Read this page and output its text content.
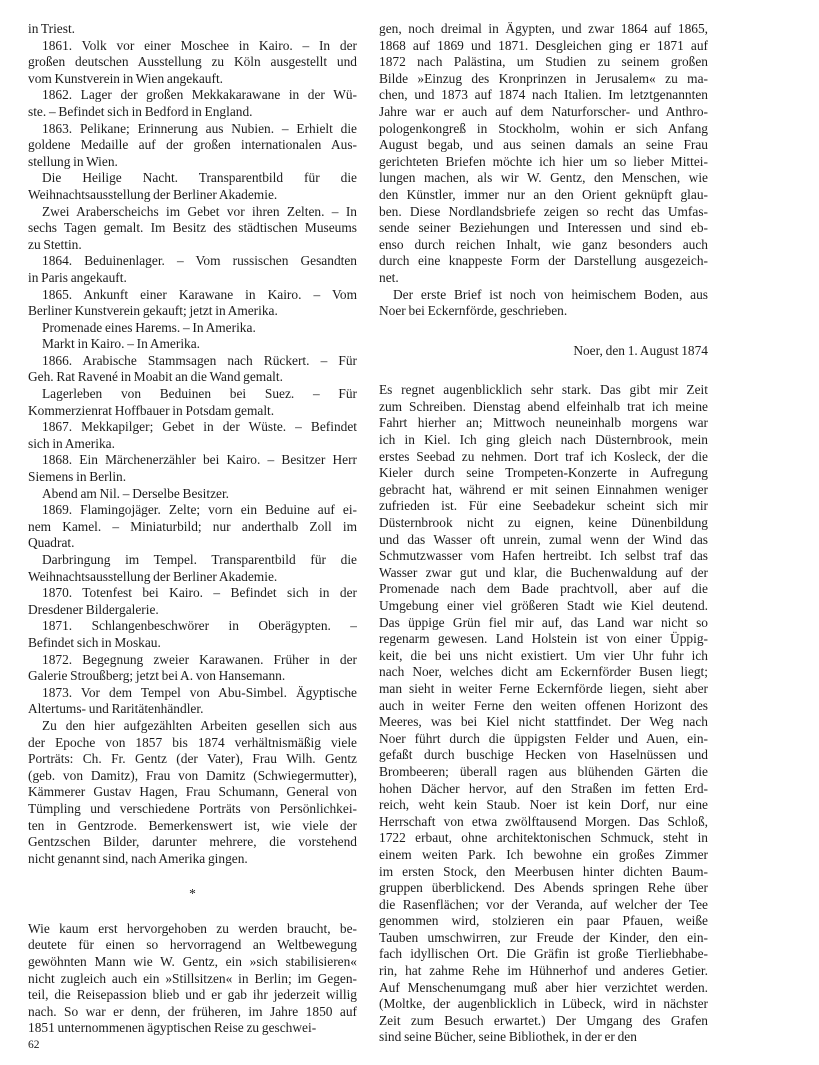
in Triest.

1861. Volk vor einer Moschee in Kairo. – In der
großen deutschen Ausstellung zu Köln ausgestellt und
vom Kunstverein in Wien angekauft.

1862. Lager der großen Mekkakarawane in der Wü-
ste. – Befindet sich in Bedford in England.

1863. Pelikane; Erinnerung aus Nubien. – Erhielt die
goldene Medaille auf der großen internationalen Aus-
stellung in Wien.

Die Heilige Nacht. Transparentbild für die
Weihnachtsausstellung der Berliner Akademie.

Zwei Araberscheichs im Gebet vor ihren Zelten. – In
sechs Tagen gemalt. Im Besitz des städtischen Museums
zu Stettin.

1864. Beduinenlager. – Vom russischen Gesandten
in Paris angekauft.

1865. Ankunft einer Karawane in Kairo. – Vom
Berliner Kunstverein gekauft; jetzt in Amerika.

Promenade eines Harems. – In Amerika.

Markt in Kairo. – In Amerika.

1866. Arabische Stammsagen nach Rückert. – Für
Geh. Rat Ravené in Moabit an die Wand gemalt.

Lagerleben von Beduinen bei Suez. – Für
Kommerzienrat Hoffbauer in Potsdam gemalt.

1867. Mekkapilger; Gebet in der Wüste. – Befindet
sich in Amerika.

1868. Ein Märchenerzähler bei Kairo. – Besitzer Herr
Siemens in Berlin.

Abend am Nil. – Derselbe Besitzer.

1869. Flamingojäger. Zelte; vorn ein Beduine auf ei-
nem Kamel. – Miniaturbild; nur anderthalb Zoll im
Quadrat.

Darbringung im Tempel. Transparentbild für die
Weihnachtsausstellung der Berliner Akademie.

1870. Totenfest bei Kairo. – Befindet sich in der
Dresdener Bildergalerie.

1871. Schlangenbeschwörer in Oberägypten. –
Befindet sich in Moskau.

1872. Begegnung zweier Karawanen. Früher in der
Galerie Stroußberg; jetzt bei A. von Hansemann.

1873. Vor dem Tempel von Abu-Simbel. Ägyptische
Altertums- und Raritätenhändler.

Zu den hier aufgezählten Arbeiten gesellen sich aus
der Epoche von 1857 bis 1874 verhältnismäßig viele
Porträts: Ch. Fr. Gentz (der Vater), Frau Wilh. Gentz
(geb. von Damitz), Frau von Damitz (Schwiegermutter),
Kämmerer Gustav Hagen, Frau Schumann, General von
Tümpling und verschiedene Porträts von Persönlichkei-
ten in Gentzrode. Bemerkenswert ist, wie viele der
Gentzschen Bilder, darunter mehrere, die vorstehend
nicht genannt sind, nach Amerika gingen.

*

Wie kaum erst hervorgehoben zu werden braucht, be-
deutete für einen so hervorragend an Weltbewegung
gewöhnten Mann wie W. Gentz, ein »sich stabilisieren«
nicht zugleich auch ein »Stillsitzen« in Berlin; im Gegen-
teil, die Reisepassion blieb und er gab ihr jederzeit willig
nach. So war er denn, der früheren, im Jahre 1850 auf
1851 unternommenen ägyptischen Reise zu geschwei-

gen, noch dreimal in Ägypten, und zwar 1864 auf 1865,
1868 auf 1869 und 1871. Desgleichen ging er 1871 auf
1872 nach Palästina, um Studien zu seinem großen
Bilde »Einzug des Kronprinzen in Jerusalem« zu ma-
chen, und 1873 auf 1874 nach Italien. Im letztgenannten
Jahre war er auch auf dem Naturforscher- und Anthro-
pologenkongreß in Stockholm, wohin er sich Anfang
August begab, und aus seinen damals an seine Frau
gerichteten Briefen möchte ich hier um so lieber Mittei-
lungen machen, als wir W. Gentz, den Menschen, wie
den Künstler, immer nur an den Orient geknüpft glau-
ben. Diese Nordlandsbriefe zeigen so recht das Umfas-
sende seiner Beziehungen und Interessen und sind eb-
enso durch reichen Inhalt, wie ganz besonders auch
durch eine knappeste Form der Darstellung ausgezeich-
net.

Der erste Brief ist noch von heimischem Boden, aus
Noer bei Eckernförde, geschrieben.

Noer, den 1. August 1874

Es regnet augenblicklich sehr stark. Das gibt mir Zeit
zum Schreiben. Dienstag abend elfeinhalb trat ich meine
Fahrt hierher an; Mittwoch neuneinhalb morgens war
ich in Kiel. Ich ging gleich nach Düsternbrook, mein
erstes Seebad zu nehmen. Dort traf ich Kosleck, der die
Kieler durch seine Trompeten-Konzerte in Aufregung
gebracht hat, während er mit seinen Einnahmen weniger
zufrieden ist. Für eine Seebadekur scheint sich mir
Düsternbrook nicht zu eignen, keine Dünenbildung
und das Wasser oft unrein, zumal wenn der Wind das
Schmutzwasser vom Hafen hertreibt. Ich selbst traf das
Wasser zwar gut und klar, die Buchenwaldung auf der
Promenade nach dem Bade prachtvoll, aber auf die
Umgebung einer viel größeren Stadt wie Kiel deutend.
Das üppige Grün fiel mir auf, das Land war nicht so
regenarm gewesen. Land Holstein ist von einer Üppig-
keit, die bei uns nicht existiert. Um vier Uhr fuhr ich
nach Noer, welches dicht am Eckernförder Busen liegt;
man sieht in weiter Ferne Eckernförde liegen, sieht aber
auch in weiter Ferne den weiten offenen Horizont des
Meeres, was bei Kiel nicht stattfindet. Der Weg nach
Noer führt durch die üppigsten Felder und Auen, ein-
gefaßt durch buschige Hecken von Haselnüssen und
Brombeeren; überall ragen aus blühenden Gärten die
hohen Dächer hervor, auf den Straßen im fetten Erd-
reich, weht kein Staub. Noer ist kein Dorf, nur eine
Herrschaft von etwa zwölftausend Morgen. Das Schloß,
1722 erbaut, ohne architektonischen Schmuck, steht in
einem weiten Park. Ich bewohne ein großes Zimmer
im ersten Stock, den Meerbusen hinter dichten Baum-
gruppen überblickend. Des Abends springen Rehe über
die Rasenflächen; vor der Veranda, auf welcher der Tee
genommen wird, stolzieren ein paar Pfauen, weiße
Tauben umschwirren, zur Freude der Kinder, den ein-
fach idyllischen Ort. Die Gräfin ist große Tierliebhabe-
rin, hat zahme Rehe im Hühnerhof und anderes Getier.
Auf Menschenumgang muß aber hier verzichtet werden.
(Moltke, der augenblicklich in Lübeck, wird in nächster
Zeit zum Besuch erwartet.) Der Umgang des Grafen
sind seine Bücher, seine Bibliothek, in der er den

62
